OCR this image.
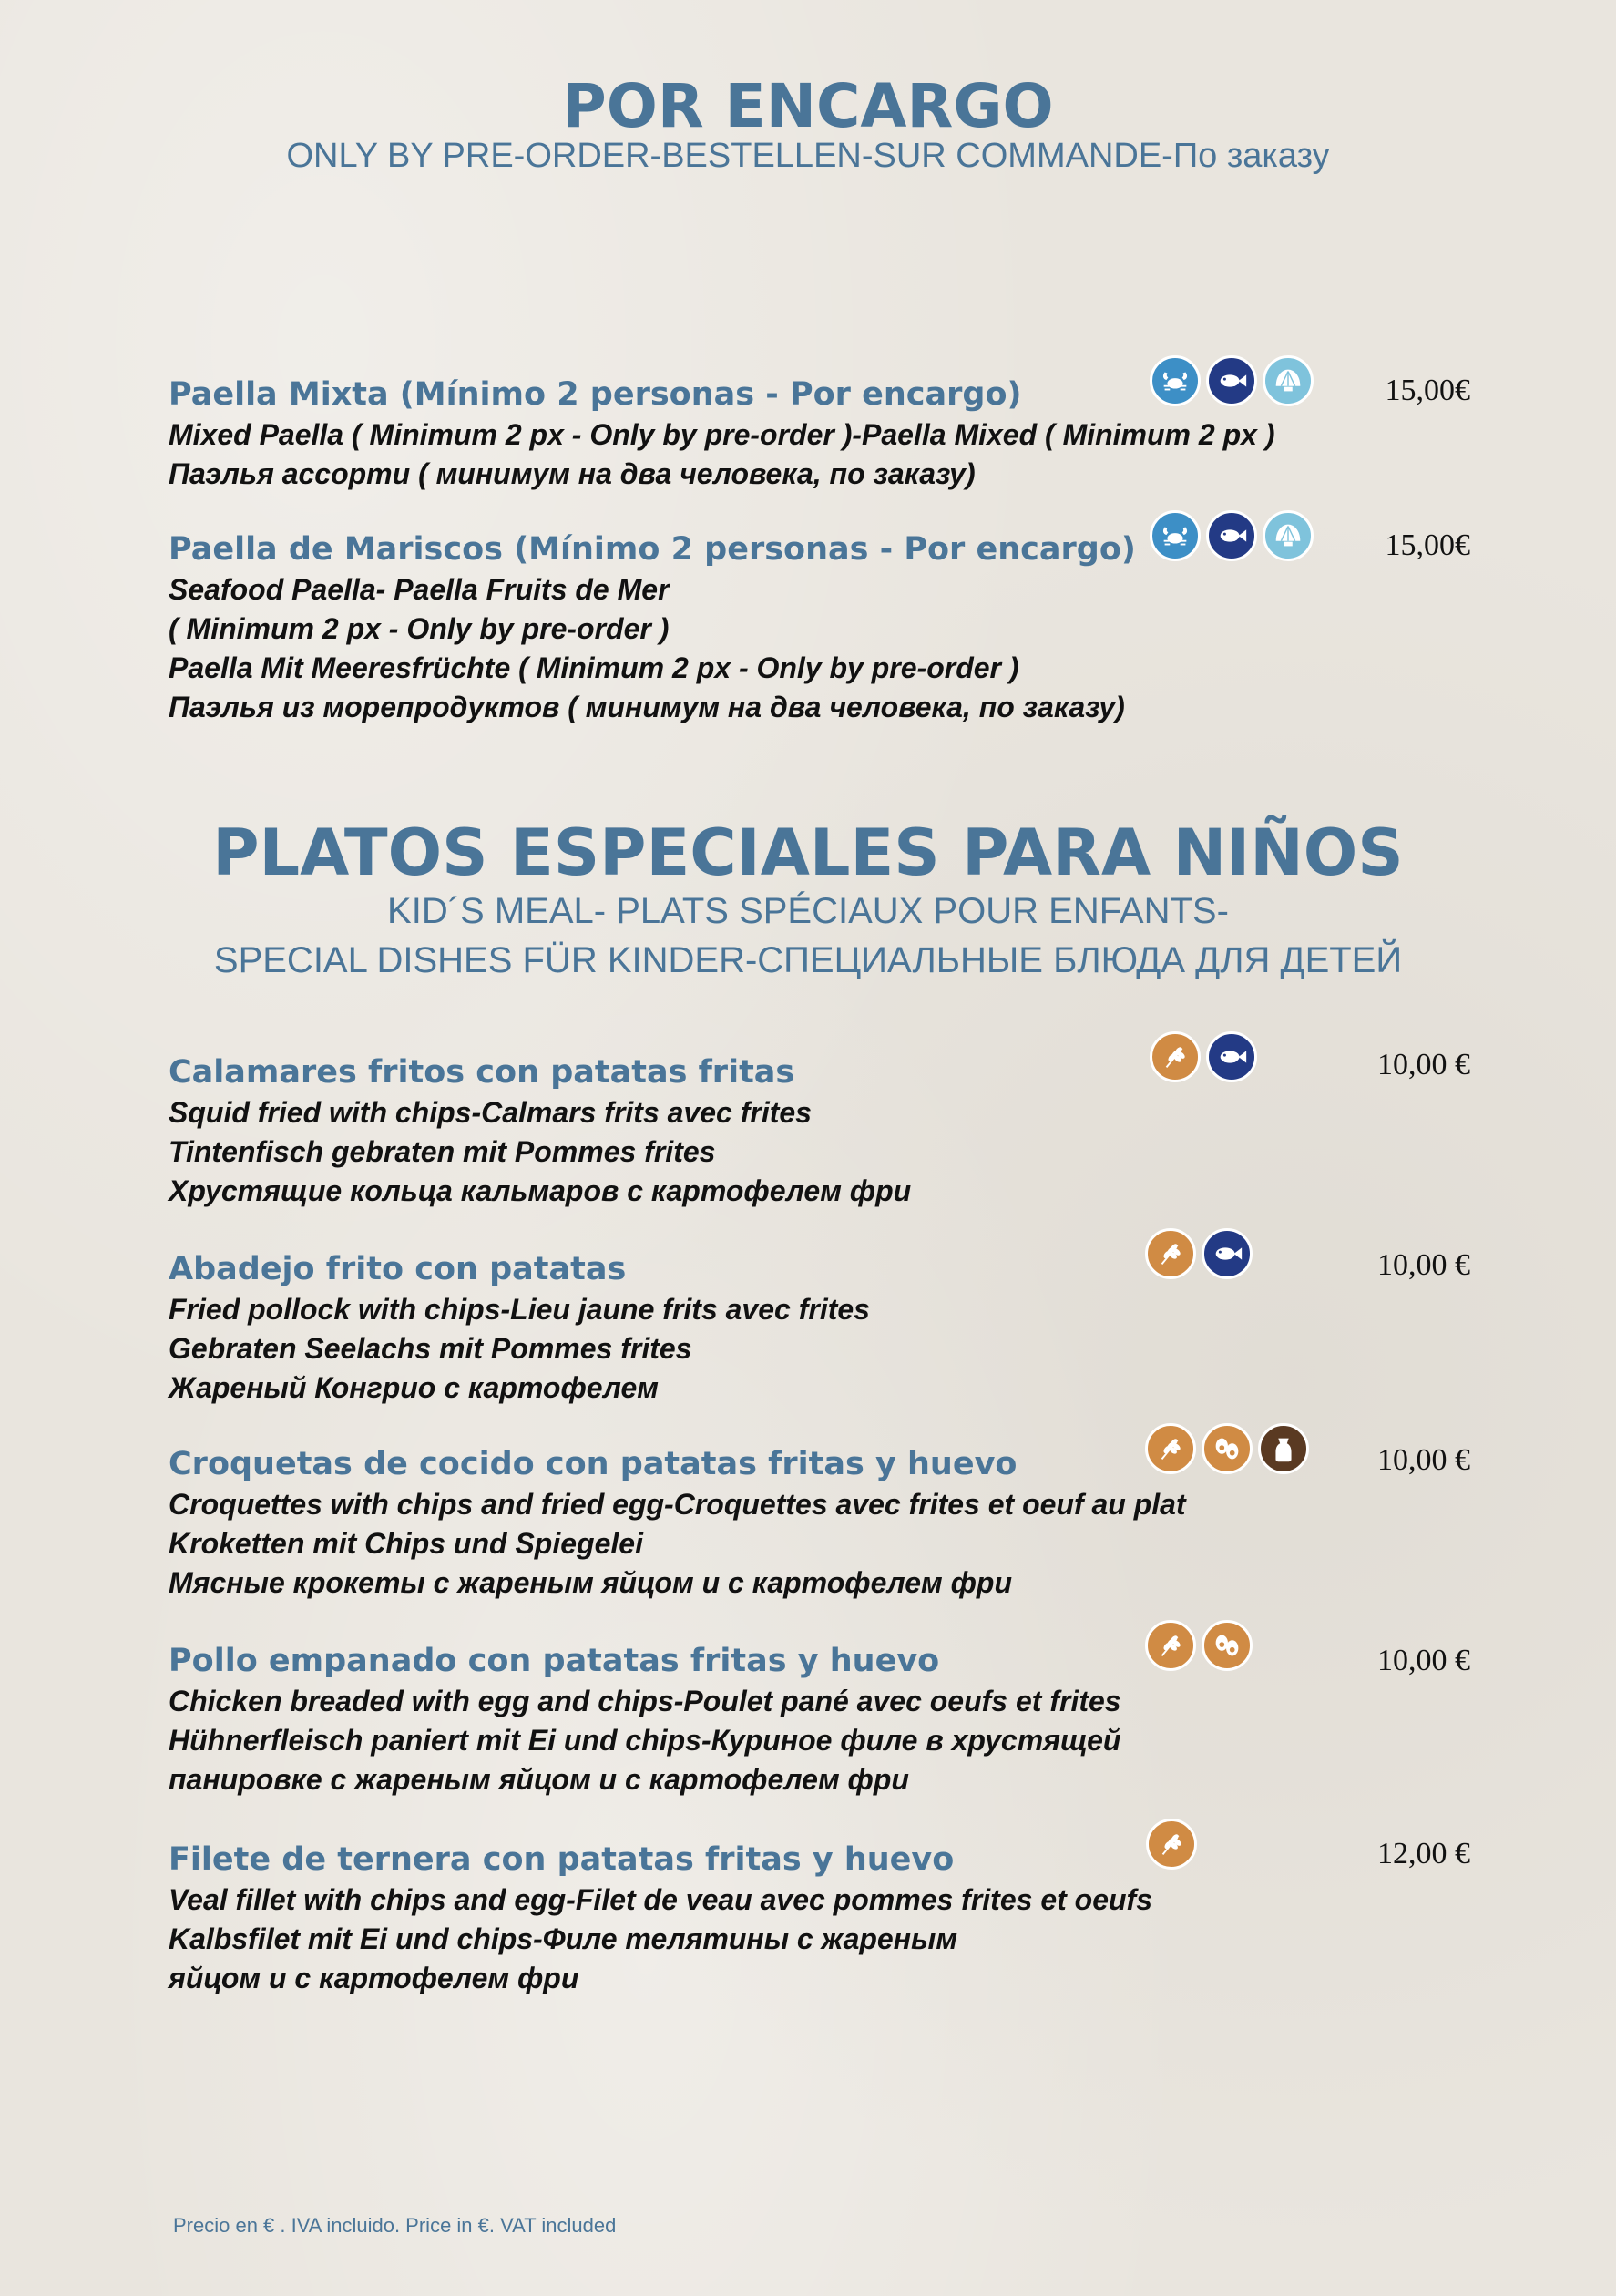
POR ENCARGO
ONLY BY PRE-ORDER-BESTELLEN-SUR COMMANDE-По заказу
Paella Mixta (Mínimo 2 personas - Por encargo)
Mixed Paella ( Minimum 2 px - Only by pre-order )-Paella Mixed ( Minimum 2 px )
Паэлья ассорти ( минимум на два человека, по заказу)
15,00€
Paella de Mariscos (Mínimo 2 personas - Por encargo)
Seafood Paella- Paella Fruits de Mer
( Minimum 2 px - Only by pre-order )
Paella Mit Meeresfrüchte ( Minimum 2 px - Only by pre-order )
Паэлья из морепродуктов ( минимум на два человека, по заказу)
15,00€
PLATOS ESPECIALES PARA NIÑOS
KID´S MEAL- PLATS SPÉCIAUX POUR ENFANTS-
SPECIAL DISHES FÜR KINDER-СПЕЦИАЛЬНЫЕ БЛЮДА ДЛЯ ДЕТЕЙ
Calamares fritos con patatas fritas
Squid fried with chips-Calmars frits avec frites
Tintenfisch gebraten mit Pommes frites
Хрустящие кольца кальмаров с картофелем фри
10,00 €
Abadejo frito con patatas
Fried pollock with chips-Lieu jaune frits avec frites
Gebraten Seelachs mit Pommes frites
Жареный Конгрио с картофелем
10,00 €
Croquetas de cocido con patatas fritas y huevo
Croquettes with chips and fried egg-Croquettes avec frites et oeuf au plat
Kroketten mit Chips und Spiegelei
Мясные крокеты с жареным яйцом и с картофелем фри
10,00 €
Pollo empanado con patatas fritas y huevo
Chicken breaded with egg and chips-Poulet pané avec oeufs et frites
Hühnerfleisch paniert mit Ei und chips-Куриное филе в хрустящей
панировке с жареным яйцом и с картофелем фри
10,00 €
Filete de ternera con patatas fritas y huevo
Veal fillet with chips and egg-Filet de veau avec pommes frites et oeufs
Kalbsfilet mit Ei und chips-Филе телятины с жареным
яйцом и с картофелем фри
12,00 €
Precio en € . IVA incluido. Price in €. VAT included
